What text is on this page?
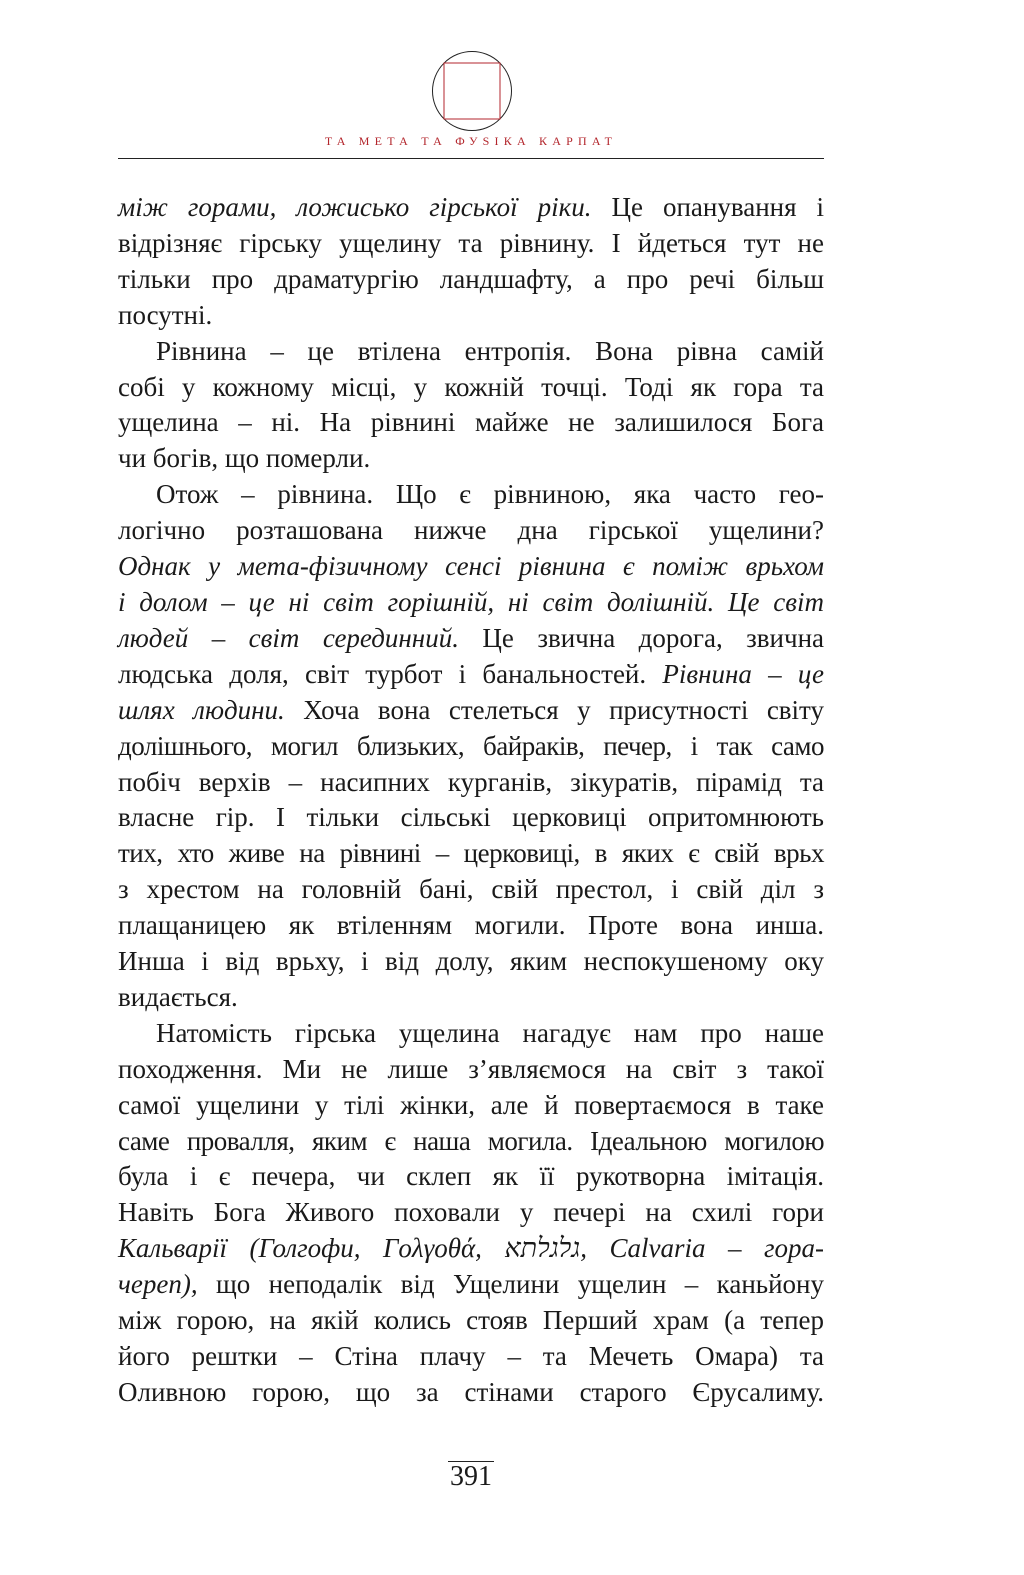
ТА МЕТА ТА ФУЅІКА КАРПАТ
між горами, ложисько гірської ріки. Це опанування і
відрізняє гірську ущелину та рівнину. І йдеться тут не
тільки про драматургію ландшафту, а про речі більш
посутні.
Рівнина – це втілена ентропія. Вона рівна самій
собі у кожному місці, у кожній точці. Тоді як гора та
ущелина – ні. На рівнині майже не залишилося Бога
чи богів, що померли.
Отож – рівнина. Що є рівниною, яка часто гео-
логічно розташована нижче дна гірської ущелини?
Однак у мета-фізичному сенсі рівнина є поміж врьхом
і долом – це ні світ горішній, ні світ долішній. Це світ
людей – світ серединний. Це звична дорога, звична
людська доля, світ турбот і банальностей. Рівнина – це
шлях людини. Хоча вона стелеться у присутності світу
долішнього, могил близьких, байраків, печер, і так само
побіч верхів – насипних курганів, зікуратів, пірамід та
власне гір. І тільки сільські церковиці опритомнюють
тих, хто живе на рівнині – церковиці, в яких є свій врьх
з хрестом на головній бані, свій престол, і свій діл з
плащаницею як втіленням могили. Проте вона инша.
Инша і від врьху, і від долу, яким неспокушеному оку
видається.
Натомість гірська ущелина нагадує нам про наше
походження. Ми не лише з’являємося на світ з такої
самої ущелини у тілі жінки, але й повертаємося в таке
саме провалля, яким є наша могила. Ідеальною могилою
була і є печера, чи склеп як її рукотворна імітація.
Навіть Бога Живого поховали у печері на схилі гори
Кальварії (Голгофи, Γολγοθά, גלגלתא, Calvaria – гора-
череп), що неподалік від Ущелини ущелин – каньйону
між горою, на якій колись стояв Перший храм (а тепер
його рештки – Стіна плачу – та Мечеть Омара) та
Оливною горою, що за стінами старого Єрусалиму.
391
